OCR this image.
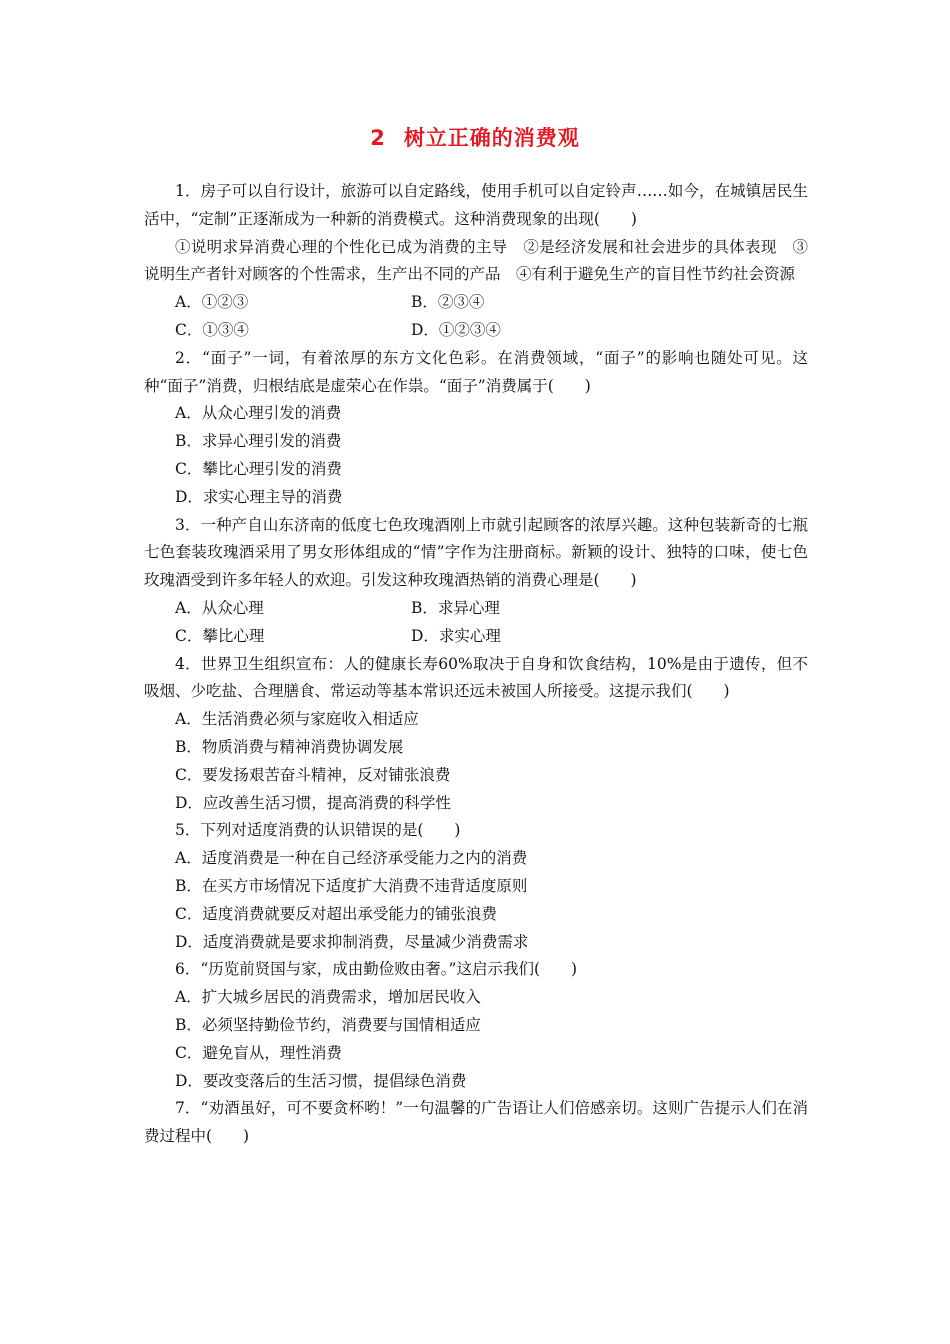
2 树立正确的消费观

1．房子可以自行设计，旅游可以自定路线，使用手机可以自定铃声……如今，在城镇居民生活中，“定制”正逐渐成为一种新的消费模式。这种消费现象的出现(　　)

①说明求异消费心理的个性化已成为消费的主导　②是经济发展和社会进步的具体表现　③说明生产者针对顾客的个性需求，生产出不同的产品　④有利于避免生产的盲目性节约社会资源

A．①②③	B．②③④
C．①③④	D．①②③④

2．“面子”一词，有着浓厚的东方文化色彩。在消费领域，“面子”的影响也随处可见。这种“面子”消费，归根结底是虚荣心在作祟。“面子”消费属于(　　)

A．从众心理引发的消费

B．求异心理引发的消费

C．攀比心理引发的消费

D．求实心理主导的消费

3．一种产自山东济南的低度七色玫瑰酒刚上市就引起顾客的浓厚兴趣。这种包装新奇的七瓶七色套装玫瑰酒采用了男女形体组成的“情”字作为注册商标。新颖的设计、独特的口味，使七色玫瑰酒受到许多年轻人的欢迎。引发这种玫瑰酒热销的消费心理是(　　)

A．从众心理	B．求异心理
C．攀比心理	D．求实心理

4．世界卫生组织宣布：人的健康长寿60%取决于自身和饮食结构，10%是由于遗传，但不吸烟、少吃盐、合理膳食、常运动等基本常识还远未被国人所接受。这提示我们(　　)

A．生活消费必须与家庭收入相适应

B．物质消费与精神消费协调发展

C．要发扬艰苦奋斗精神，反对铺张浪费

D．应改善生活习惯，提高消费的科学性

5．下列对适度消费的认识错误的是(　　)

A．适度消费是一种在自己经济承受能力之内的消费

B．在买方市场情况下适度扩大消费不违背适度原则

C．适度消费就要反对超出承受能力的铺张浪费

D．适度消费就是要求抑制消费，尽量减少消费需求

6．“历览前贤国与家，成由勤俭败由奢。”这启示我们(　　)

A．扩大城乡居民的消费需求，增加居民收入

B．必须坚持勤俭节约，消费要与国情相适应

C．避免盲从，理性消费

D．要改变落后的生活习惯，提倡绿色消费

7．“劝酒虽好，可不要贪杯哟！”一句温馨的广告语让人们倍感亲切。这则广告提示人们在消费过程中(　　)
